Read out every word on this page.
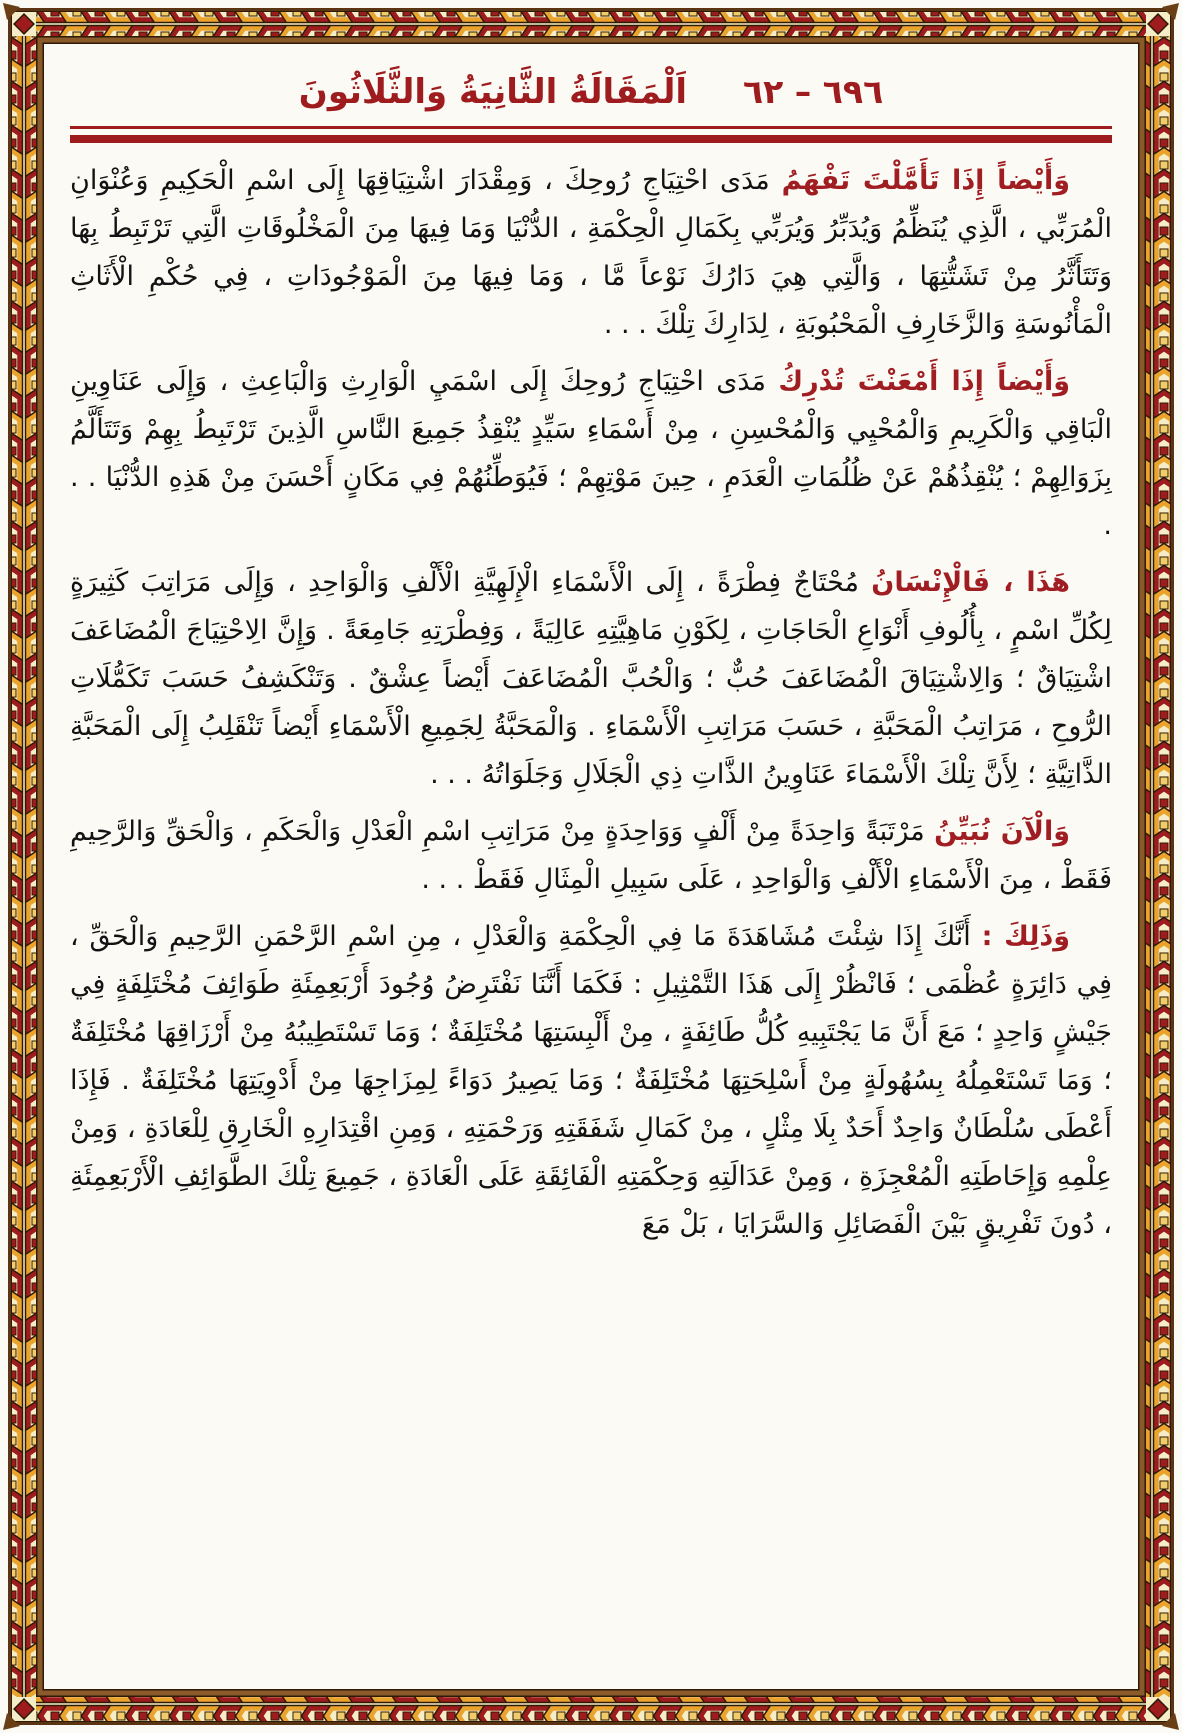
٦٩٦ – ٦٢
اَلْمَقَالَةُ الثَّانِيَةُ وَالثَّلَاثُونَ

وَأَيْضاً إِذَا تَأَمَّلْتَ تَفْهَمُ مَدَى احْتِيَاجِ رُوحِكَ ، وَمِقْدَارَ اشْتِيَاقِهَا إِلَى اسْمِ الْحَكِيمِ وَعُنْوَانِ الْمُرَبِّي ، الَّذِي يُنَظِّمُ وَيُدَبِّرُ وَيُرَبِّي بِكَمَالِ الْحِكْمَةِ ، الدُّنْيَا وَمَا فِيهَا مِنَ الْمَخْلُوقَاتِ الَّتِي تَرْتَبِطُ بِهَا وَتَتَأَثَّرُ مِنْ تَشَتُّتِهَا ، وَالَّتِي هِيَ دَارُكَ نَوْعاً مَّا ، وَمَا فِيهَا مِنَ الْمَوْجُودَاتِ ، فِي حُكْمِ الْأَثَاثِ الْمَأْنُوسَةِ وَالزَّخَارِفِ الْمَحْبُوبَةِ ، لِدَارِكَ تِلْكَ . . .

وَأَيْضاً إِذَا أَمْعَنْتَ تُدْرِكُ مَدَى احْتِيَاجِ رُوحِكَ إِلَى اسْمَيِ الْوَارِثِ وَالْبَاعِثِ ، وَإِلَى عَنَاوِينِ الْبَاقِي وَالْكَرِيمِ وَالْمُحْيِي وَالْمُحْسِنِ ، مِنْ أَسْمَاءِ سَيِّدٍ يُنْقِذُ جَمِيعَ النَّاسِ الَّذِينَ تَرْتَبِطُ بِهِمْ وَتَتَأَلَّمُ بِزَوَالِهِمْ ؛ يُنْقِذُهُمْ عَنْ ظُلُمَاتِ الْعَدَمِ ، حِينَ مَوْتِهِمْ ؛ فَيُوَطِّنُهُمْ فِي مَكَانٍ أَحْسَنَ مِنْ هَذِهِ الدُّنْيَا . . .

هَذَا ، فَالْإِنْسَانُ مُحْتَاجٌ فِطْرَةً ، إِلَى الْأَسْمَاءِ الْإِلَهِيَّةِ الْأَلْفِ وَالْوَاحِدِ ، وَإِلَى مَرَاتِبَ كَثِيرَةٍ لِكُلِّ اسْمٍ ، بِأُلُوفِ أَنْوَاعِ الْحَاجَاتِ ، لِكَوْنِ مَاهِيَّتِهِ عَالِيَةً ، وَفِطْرَتِهِ جَامِعَةً . وَإِنَّ الِاحْتِيَاجَ الْمُضَاعَفَ اشْتِيَاقٌ ؛ وَالِاشْتِيَاقَ الْمُضَاعَفَ حُبٌّ ؛ وَالْحُبَّ الْمُضَاعَفَ أَيْضاً عِشْقٌ . وَتَنْكَشِفُ حَسَبَ تَكَمُّلَاتِ الرُّوحِ ، مَرَاتِبُ الْمَحَبَّةِ ، حَسَبَ مَرَاتِبِ الْأَسْمَاءِ . وَالْمَحَبَّةُ لِجَمِيعِ الْأَسْمَاءِ أَيْضاً تَنْقَلِبُ إِلَى الْمَحَبَّةِ الذَّاتِيَّةِ ؛ لِأَنَّ تِلْكَ الْأَسْمَاءَ عَنَاوِينُ الذَّاتِ ذِي الْجَلَالِ وَجَلَوَاتُهُ . . .

وَالْآنَ نُبَيِّنُ مَرْتَبَةً وَاحِدَةً مِنْ أَلْفٍ وَوَاحِدَةٍ مِنْ مَرَاتِبِ اسْمِ الْعَدْلِ وَالْحَكَمِ ، وَالْحَقِّ وَالرَّحِيمِ فَقَطْ ، مِنَ الْأَسْمَاءِ الْأَلْفِ وَالْوَاحِدِ ، عَلَى سَبِيلِ الْمِثَالِ فَقَطْ . . .

وَذَلِكَ : أَنَّكَ إِذَا شِئْتَ مُشَاهَدَةَ مَا فِي الْحِكْمَةِ وَالْعَدْلِ ، مِنِ اسْمِ الرَّحْمَنِ الرَّحِيمِ وَالْحَقِّ ، فِي دَائِرَةٍ عُظْمَى ؛ فَانْظُرْ إِلَى هَذَا التَّمْثِيلِ : فَكَمَا أَنَّنَا نَفْتَرِضُ وُجُودَ أَرْبَعِمِئَةِ طَوَائِفَ مُخْتَلِفَةٍ فِي جَيْشٍ وَاحِدٍ ؛ مَعَ أَنَّ مَا يَجْتَبِيهِ كُلُّ طَائِفَةٍ ، مِنْ أَلْبِسَتِهَا مُخْتَلِفَةٌ ؛ وَمَا تَسْتَطِيبُهُ مِنْ أَرْزَاقِهَا مُخْتَلِفَةٌ ؛ وَمَا تَسْتَعْمِلُهُ بِسُهُولَةٍ مِنْ أَسْلِحَتِهَا مُخْتَلِفَةٌ ؛ وَمَا يَصِيرُ دَوَاءً لِمِزَاجِهَا مِنْ أَدْوِيَتِهَا مُخْتَلِفَةٌ . فَإِذَا أَعْطَى سُلْطَانٌ وَاحِدٌ أَحَدٌ بِلَا مِثْلٍ ، مِنْ كَمَالِ شَفَقَتِهِ وَرَحْمَتِهِ ، وَمِنِ اقْتِدَارِهِ الْخَارِقِ لِلْعَادَةِ ، وَمِنْ عِلْمِهِ وَإِحَاطَتِهِ الْمُعْجِزَةِ ، وَمِنْ عَدَالَتِهِ وَحِكْمَتِهِ الْفَائِقَةِ عَلَى الْعَادَةِ ، جَمِيعَ تِلْكَ الطَّوَائِفِ الْأَرْبَعِمِئَةِ ، دُونَ تَفْرِيقٍ بَيْنَ الْفَصَائِلِ وَالسَّرَايَا ، بَلْ مَعَ
